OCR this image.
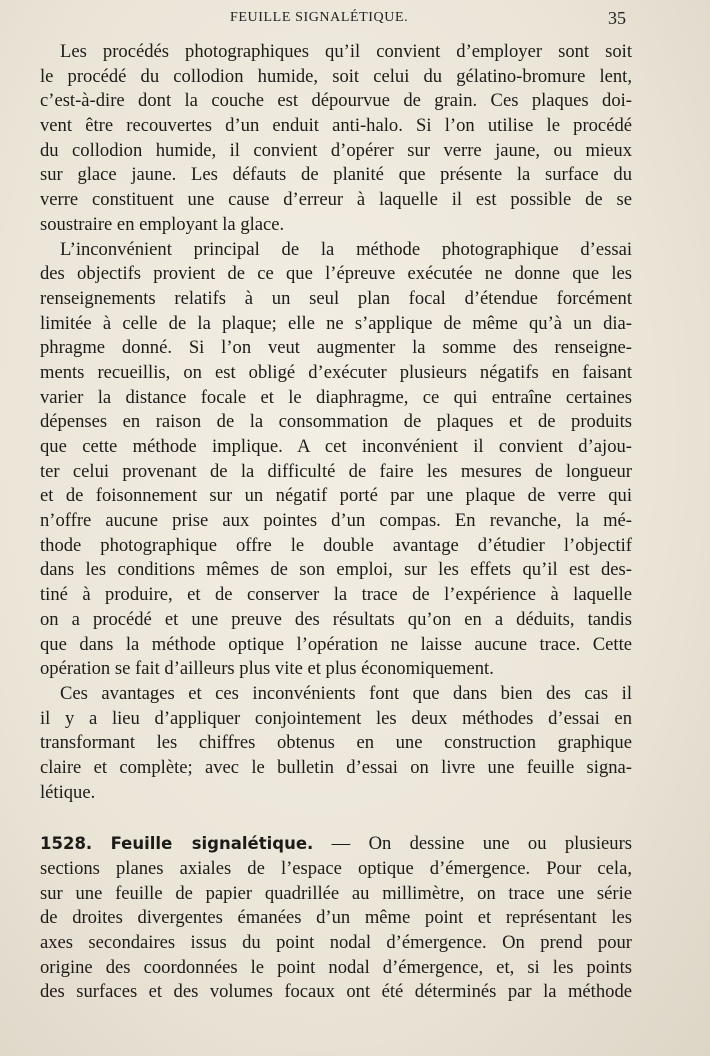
FEUILLE SIGNALÉTIQUE.	35
Les procédés photographiques qu’il convient d’employer sont soit
le procédé du collodion humide, soit celui du gélatino-bromure lent,
c’est-à-dire dont la couche est dépourvue de grain. Ces plaques doi-
vent être recouvertes d’un enduit anti-halo. Si l’on utilise le procédé
du collodion humide, il convient d’opérer sur verre jaune, ou mieux
sur glace jaune. Les défauts de planité que présente la surface du
verre constituent une cause d’erreur à laquelle il est possible de se
soustraire en employant la glace.
L’inconvénient principal de la méthode photographique d’essai
des objectifs provient de ce que l’épreuve exécutée ne donne que les
renseignements relatifs à un seul plan focal d’étendue forcément
limitée à celle de la plaque; elle ne s’applique de même qu’à un dia-
phragme donné. Si l’on veut augmenter la somme des renseigne-
ments recueillis, on est obligé d’exécuter plusieurs négatifs en faisant
varier la distance focale et le diaphragme, ce qui entraîne certaines
dépenses en raison de la consommation de plaques et de produits
que cette méthode implique. A cet inconvénient il convient d’ajou-
ter celui provenant de la difficulté de faire les mesures de longueur
et de foisonnement sur un négatif porté par une plaque de verre qui
n’offre aucune prise aux pointes d’un compas. En revanche, la mé-
thode photographique offre le double avantage d’étudier l’objectif
dans les conditions mêmes de son emploi, sur les effets qu’il est des-
tiné à produire, et de conserver la trace de l’expérience à laquelle
on a procédé et une preuve des résultats qu’on en a déduits, tandis
que dans la méthode optique l’opération ne laisse aucune trace. Cette
opération se fait d’ailleurs plus vite et plus économiquement.
Ces avantages et ces inconvénients font que dans bien des cas il
il y a lieu d’appliquer conjointement les deux méthodes d’essai en
transformant les chiffres obtenus en une construction graphique
claire et complète; avec le bulletin d’essai on livre une feuille signa-
létique.
1528. Feuille signalétique. — On dessine une ou plusieurs
sections planes axiales de l’espace optique d’émergence. Pour cela,
sur une feuille de papier quadrillée au millimètre, on trace une série
de droites divergentes émanées d’un même point et représentant les
axes secondaires issus du point nodal d’émergence. On prend pour
origine des coordonnées le point nodal d’émergence, et, si les points
des surfaces et des volumes focaux ont été déterminés par la méthode
